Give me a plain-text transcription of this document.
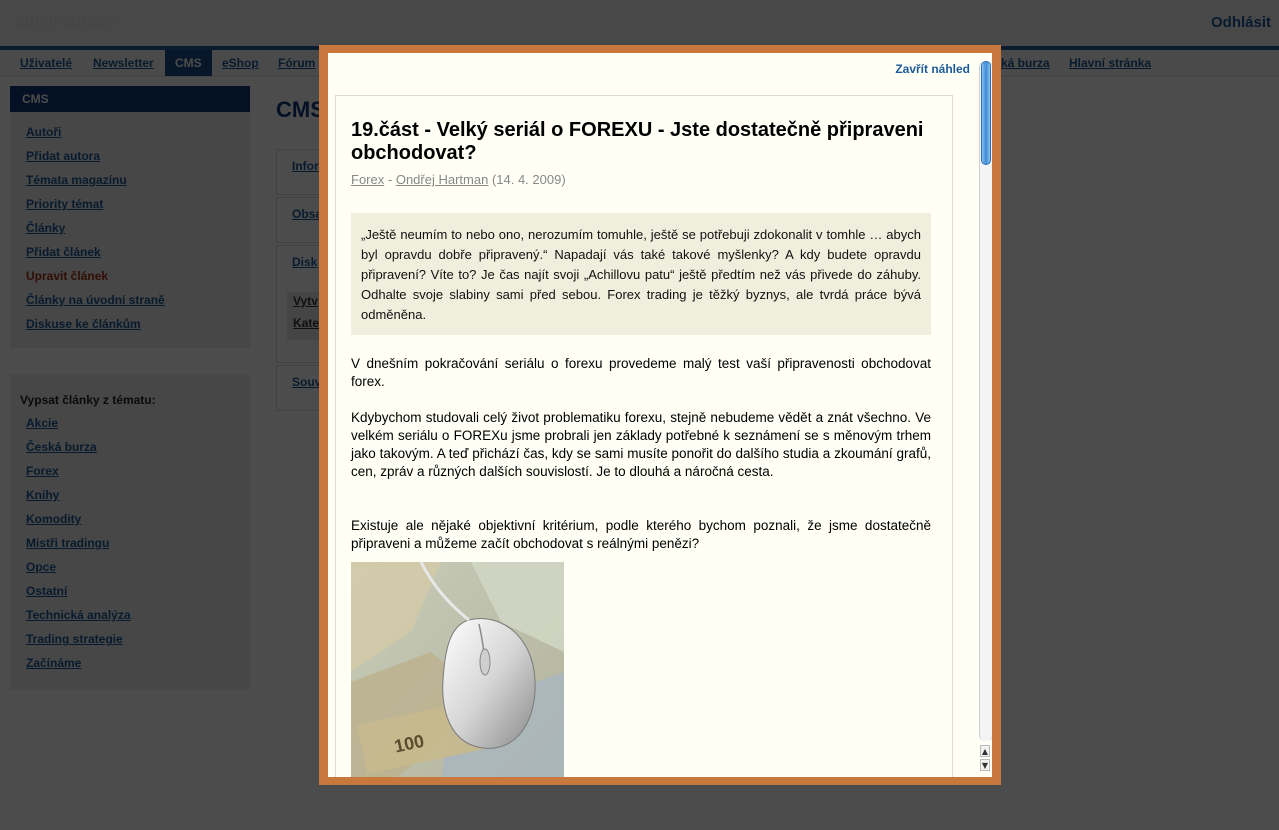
Zavřít náhled
19.část - Velký seriál o FOREXU - Jste dostatečně připraveni obchodovat?
Forex - Ondřej Hartman (14. 4. 2009)
„Ještě neumím to nebo ono, nerozumím tomuhle, ještě se potřebuji zdokonalit v tomhle … abych byl opravdu dobře připravený.“ Napadají vás také takové myšlenky? A kdy budete opravdu připravení? Víte to? Je čas najít svoji „Achillovu patu“ ještě předtím než vás přivede do záhuby. Odhalte svoje slabiny sami před sebou. Forex trading je těžký byznys, ale tvrdá práce bývá odměněna.

V dnešním pokračování seriálu o forexu provedeme malý test vaší připravenosti obchodovat forex.

Kdybychom studovali celý život problematiku forexu, stejně nebudeme vědět a znát všechno. Ve velkém seriálu o FOREXu jsme probrali jen základy potřebné k seznámení se s měnovým trhem jako takovým. A teď přichází čas, kdy se sami musíte ponořit do dalšího studia a zkoumání grafů, cen, zpráv a různých dalších souvislostí. Je to dlouhá a náročná cesta.

Existuje ale nějaké objektivní kritérium, podle kterého bychom poznali, že jsme dostatečně připraveni a můžeme začít obchodovat s reálnými penězi?

100	▲
▼
